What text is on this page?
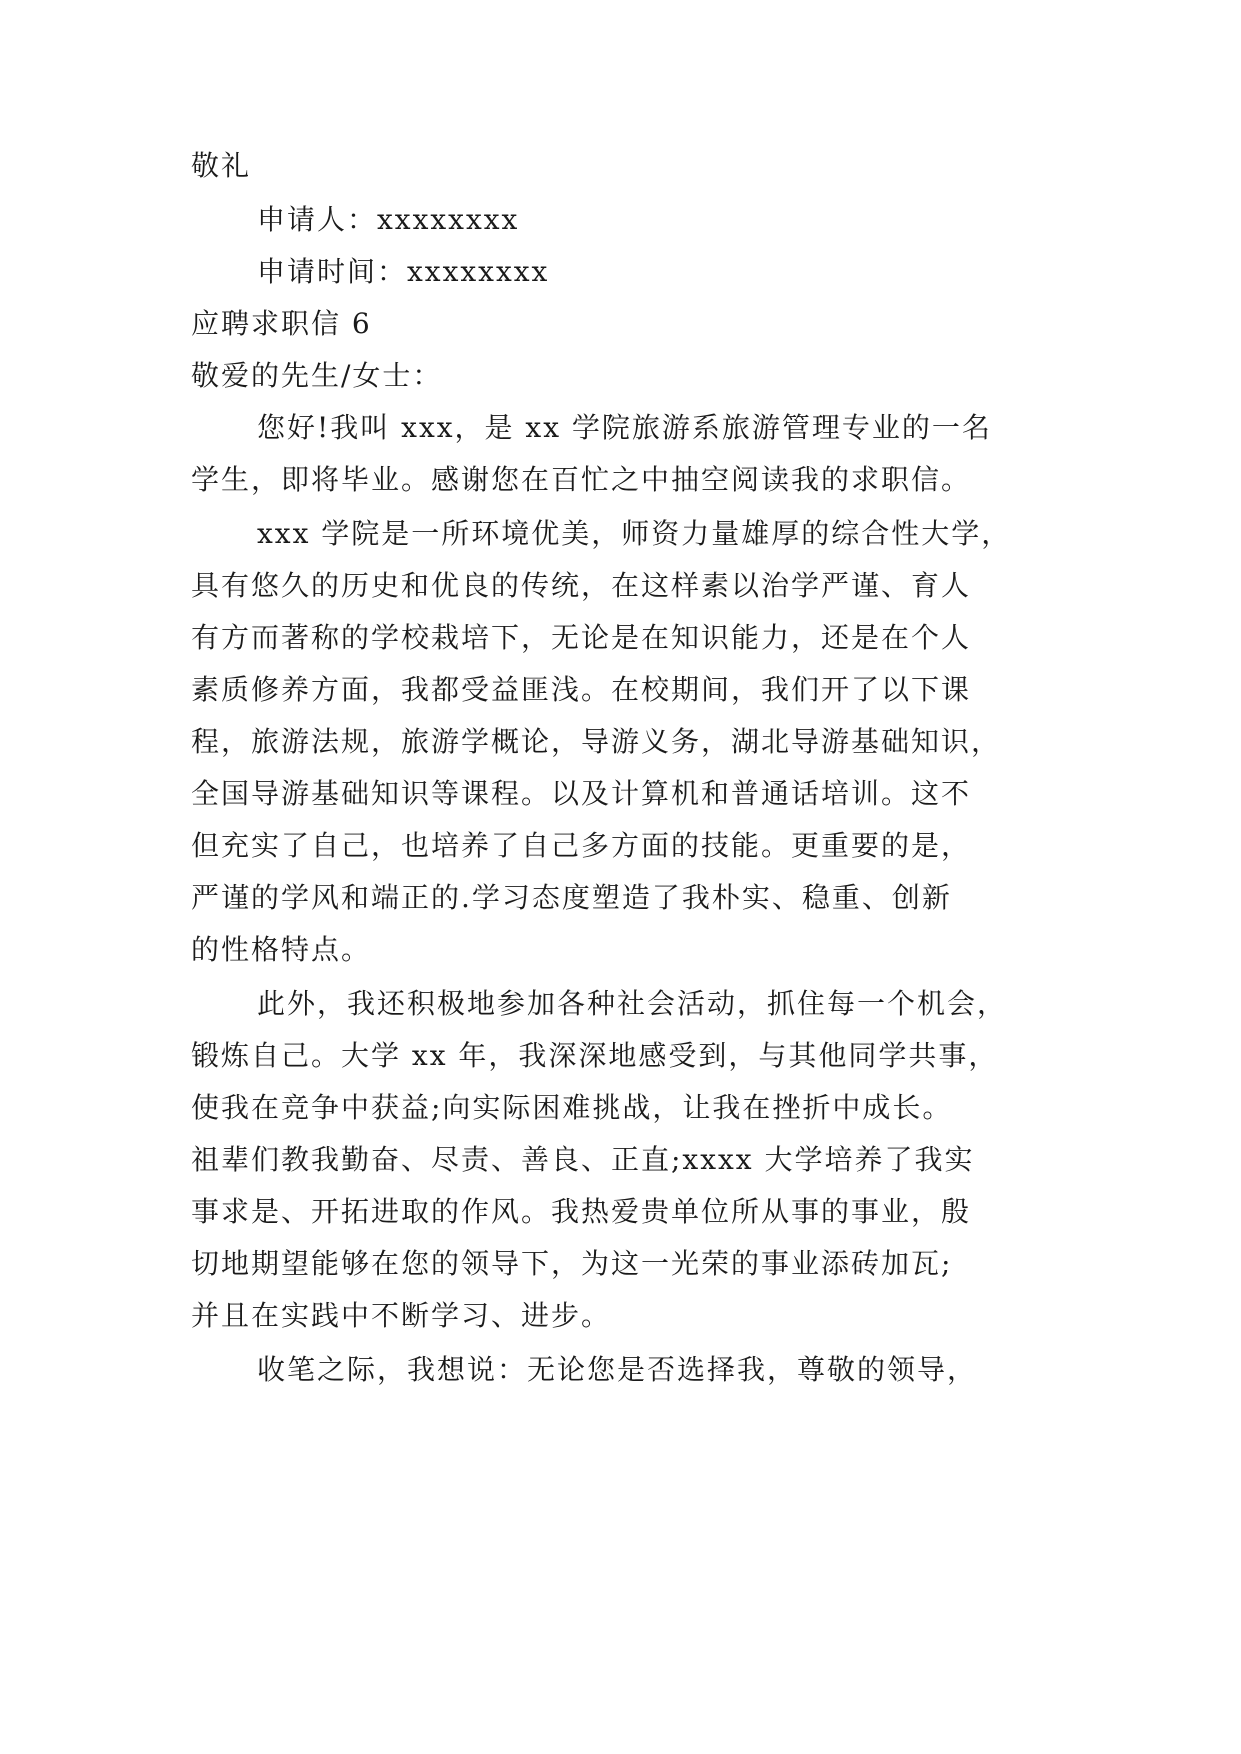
敬礼
申请人：xxxxxxxx
申请时间：xxxxxxxx
应聘求职信 6
敬爱的先生/女士：
您好!我叫 xxx，是 xx 学院旅游系旅游管理专业的一名
学生，即将毕业。感谢您在百忙之中抽空阅读我的求职信。
xxx 学院是一所环境优美，师资力量雄厚的综合性大学，
具有悠久的历史和优良的传统，在这样素以治学严谨、育人
有方而著称的学校栽培下，无论是在知识能力，还是在个人
素质修养方面，我都受益匪浅。在校期间，我们开了以下课
程，旅游法规，旅游学概论，导游义务，湖北导游基础知识，
全国导游基础知识等课程。以及计算机和普通话培训。这不
但充实了自己，也培养了自己多方面的技能。更重要的是，
严谨的学风和端正的.学习态度塑造了我朴实、稳重、创新
的性格特点。
此外，我还积极地参加各种社会活动，抓住每一个机会，
锻炼自己。大学 xx 年，我深深地感受到，与其他同学共事，
使我在竞争中获益;向实际困难挑战，让我在挫折中成长。
祖辈们教我勤奋、尽责、善良、正直;xxxx 大学培养了我实
事求是、开拓进取的作风。我热爱贵单位所从事的事业，殷
切地期望能够在您的领导下，为这一光荣的事业添砖加瓦;
并且在实践中不断学习、进步。
收笔之际，我想说：无论您是否选择我，尊敬的领导，
